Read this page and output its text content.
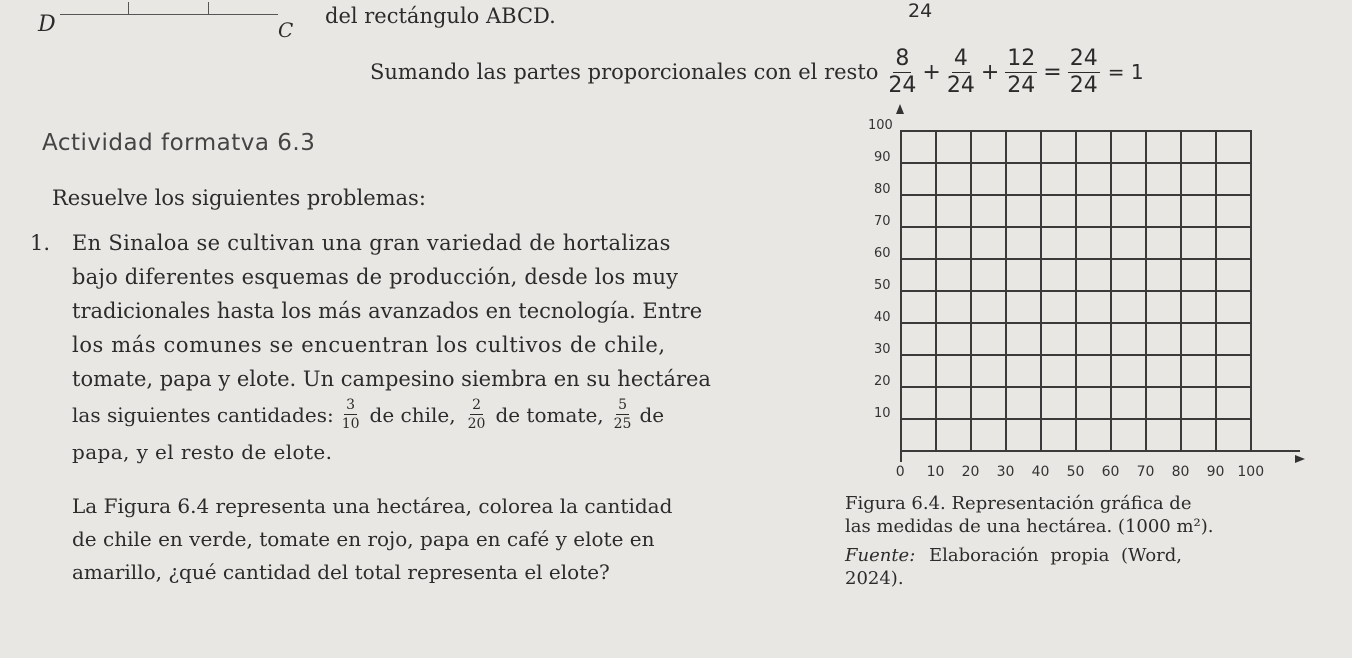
D	C
del rectángulo ABCD.	24
Sumando las partes proporcionales con el resto $\frac{8}{24} + \frac{4}{24} + \frac{12}{24} = \frac{24}{24} = 1$
Actividad formatva 6.3
Resuelve los siguientes problemas:
1. En Sinaloa se cultivan una gran variedad de hortalizas

bajo diferentes esquemas de producción, desde los muy

tradicionales hasta los más avanzados en tecnología. Entre

los más comunes se encuentran los cultivos de chile,

tomate, papa y elote. Un campesino siembra en su hectárea

las siguientes cantidades: $\frac{3}{10}$ de chile, $\frac{2}{20}$ de tomate, $\frac{5}{25}$ de
papa, y el resto de elote.

La Figura 6.4 representa una hectárea, colorea la cantidad

de chile en verde, tomate en rojo, papa en café y elote en

amarillo, ¿qué cantidad del total representa el elote?

100
90
80
70
60
50
40
30
20
10
0 10 20 30 40 50 60 70 80 90 100
Figura 6.4. Representación gráfica de
las medidas de una hectárea. (1000 m²).
Fuente: Elaboración propia (Word,
2024).
